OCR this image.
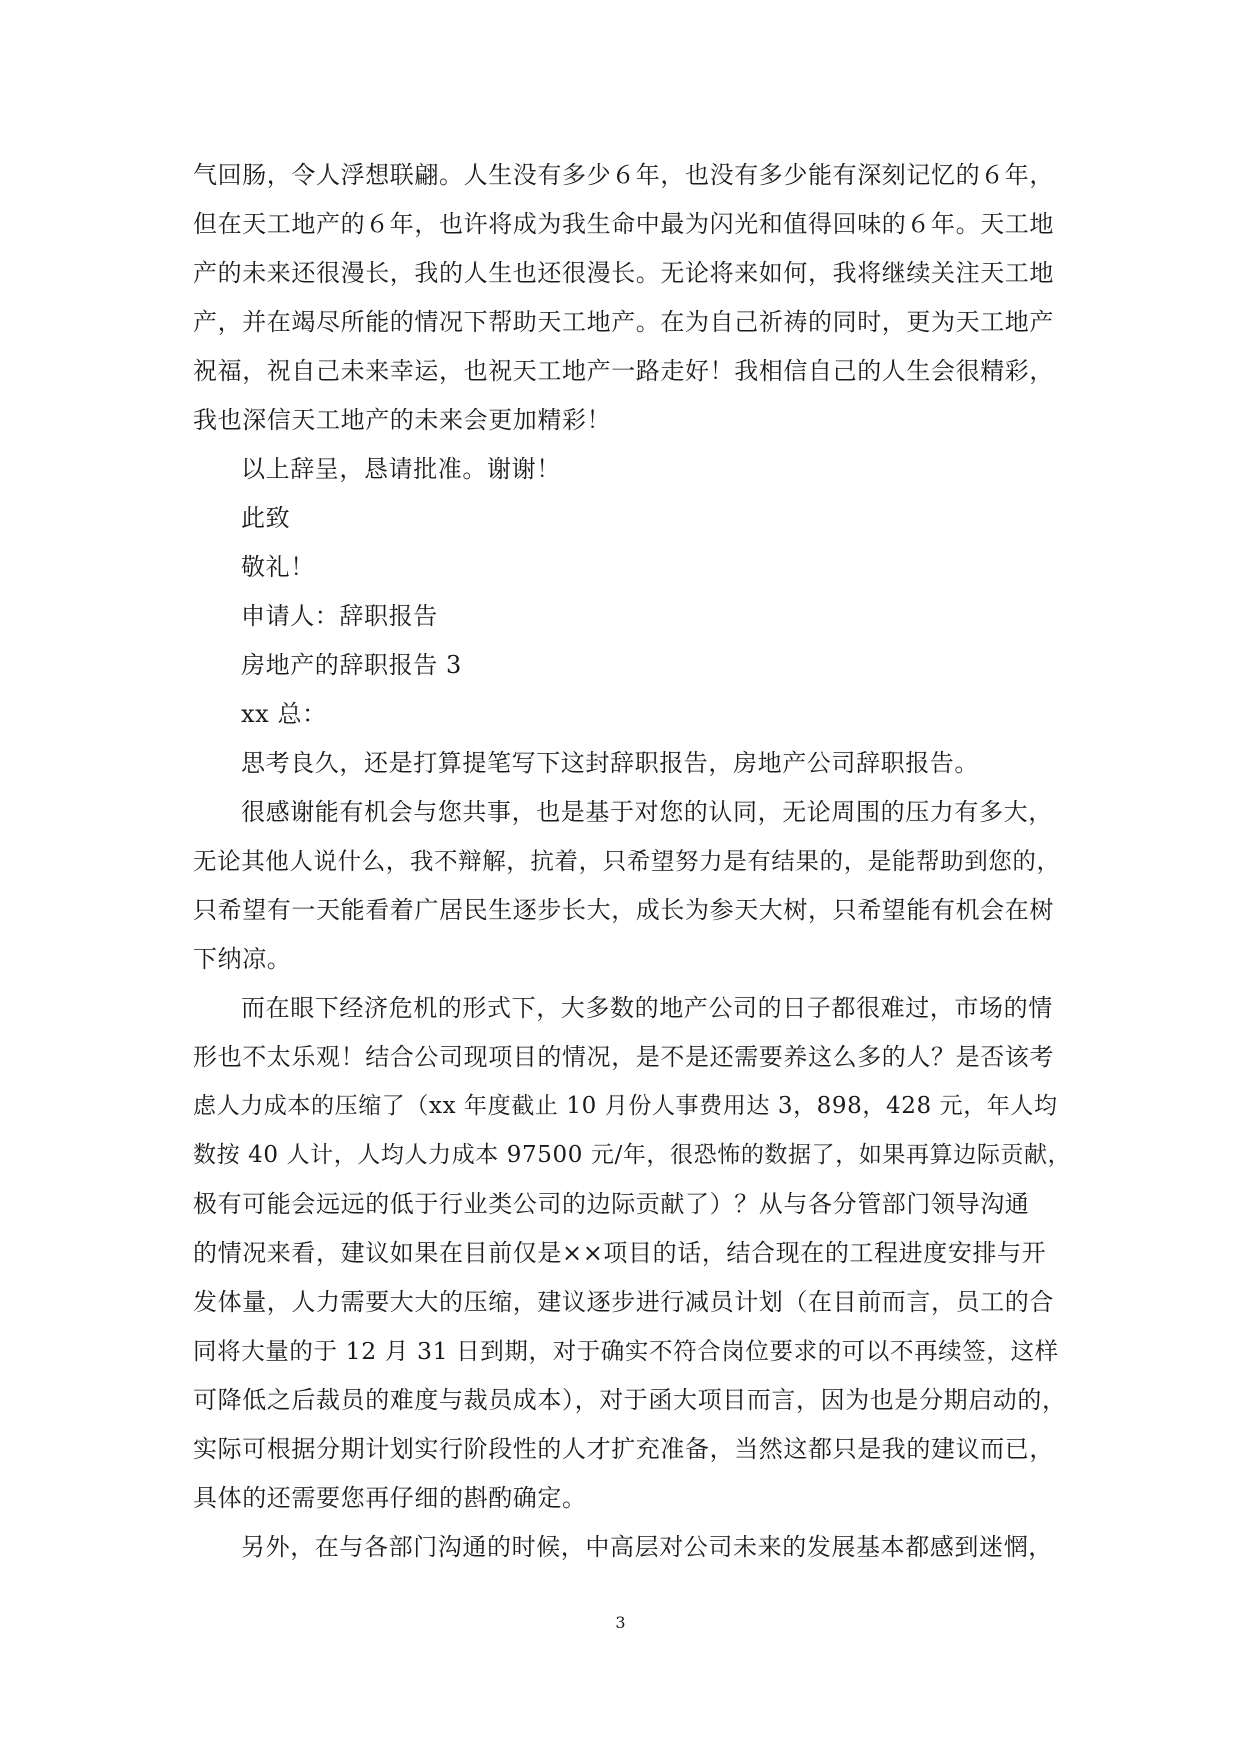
气回肠，令人浮想联翩。人生没有多少６年，也没有多少能有深刻记忆的６年，
但在天工地产的６年，也许将成为我生命中最为闪光和值得回味的６年。天工地
产的未来还很漫长，我的人生也还很漫长。无论将来如何，我将继续关注天工地
产，并在竭尽所能的情况下帮助天工地产。在为自己祈祷的同时，更为天工地产
祝福，祝自己未来幸运，也祝天工地产一路走好！我相信自己的人生会很精彩，
我也深信天工地产的未来会更加精彩！
以上辞呈，恳请批准。谢谢！
此致
敬礼！
申请人：辞职报告
房地产的辞职报告 3
xx 总：
思考良久，还是打算提笔写下这封辞职报告，房地产公司辞职报告。
很感谢能有机会与您共事，也是基于对您的认同，无论周围的压力有多大，
无论其他人说什么，我不辩解，抗着，只希望努力是有结果的，是能帮助到您的，
只希望有一天能看着广居民生逐步长大，成长为参天大树，只希望能有机会在树
下纳凉。
而在眼下经济危机的形式下，大多数的地产公司的日子都很难过，市场的情
形也不太乐观！结合公司现项目的情况，是不是还需要养这么多的人？是否该考
虑人力成本的压缩了（xx 年度截止 10 月份人事费用达 3，898，428 元，年人均
数按 40 人计，人均人力成本 97500 元/年，很恐怖的数据了，如果再算边际贡献，
极有可能会远远的低于行业类公司的边际贡献了）？从与各分管部门领导沟通
的情况来看，建议如果在目前仅是××项目的话，结合现在的工程进度安排与开
发体量，人力需要大大的压缩，建议逐步进行减员计划（在目前而言，员工的合
同将大量的于 12 月 31 日到期，对于确实不符合岗位要求的可以不再续签，这样
可降低之后裁员的难度与裁员成本），对于函大项目而言，因为也是分期启动的，
实际可根据分期计划实行阶段性的人才扩充准备，当然这都只是我的建议而已，
具体的还需要您再仔细的斟酌确定。
另外，在与各部门沟通的时候，中高层对公司未来的发展基本都感到迷惘，
3
